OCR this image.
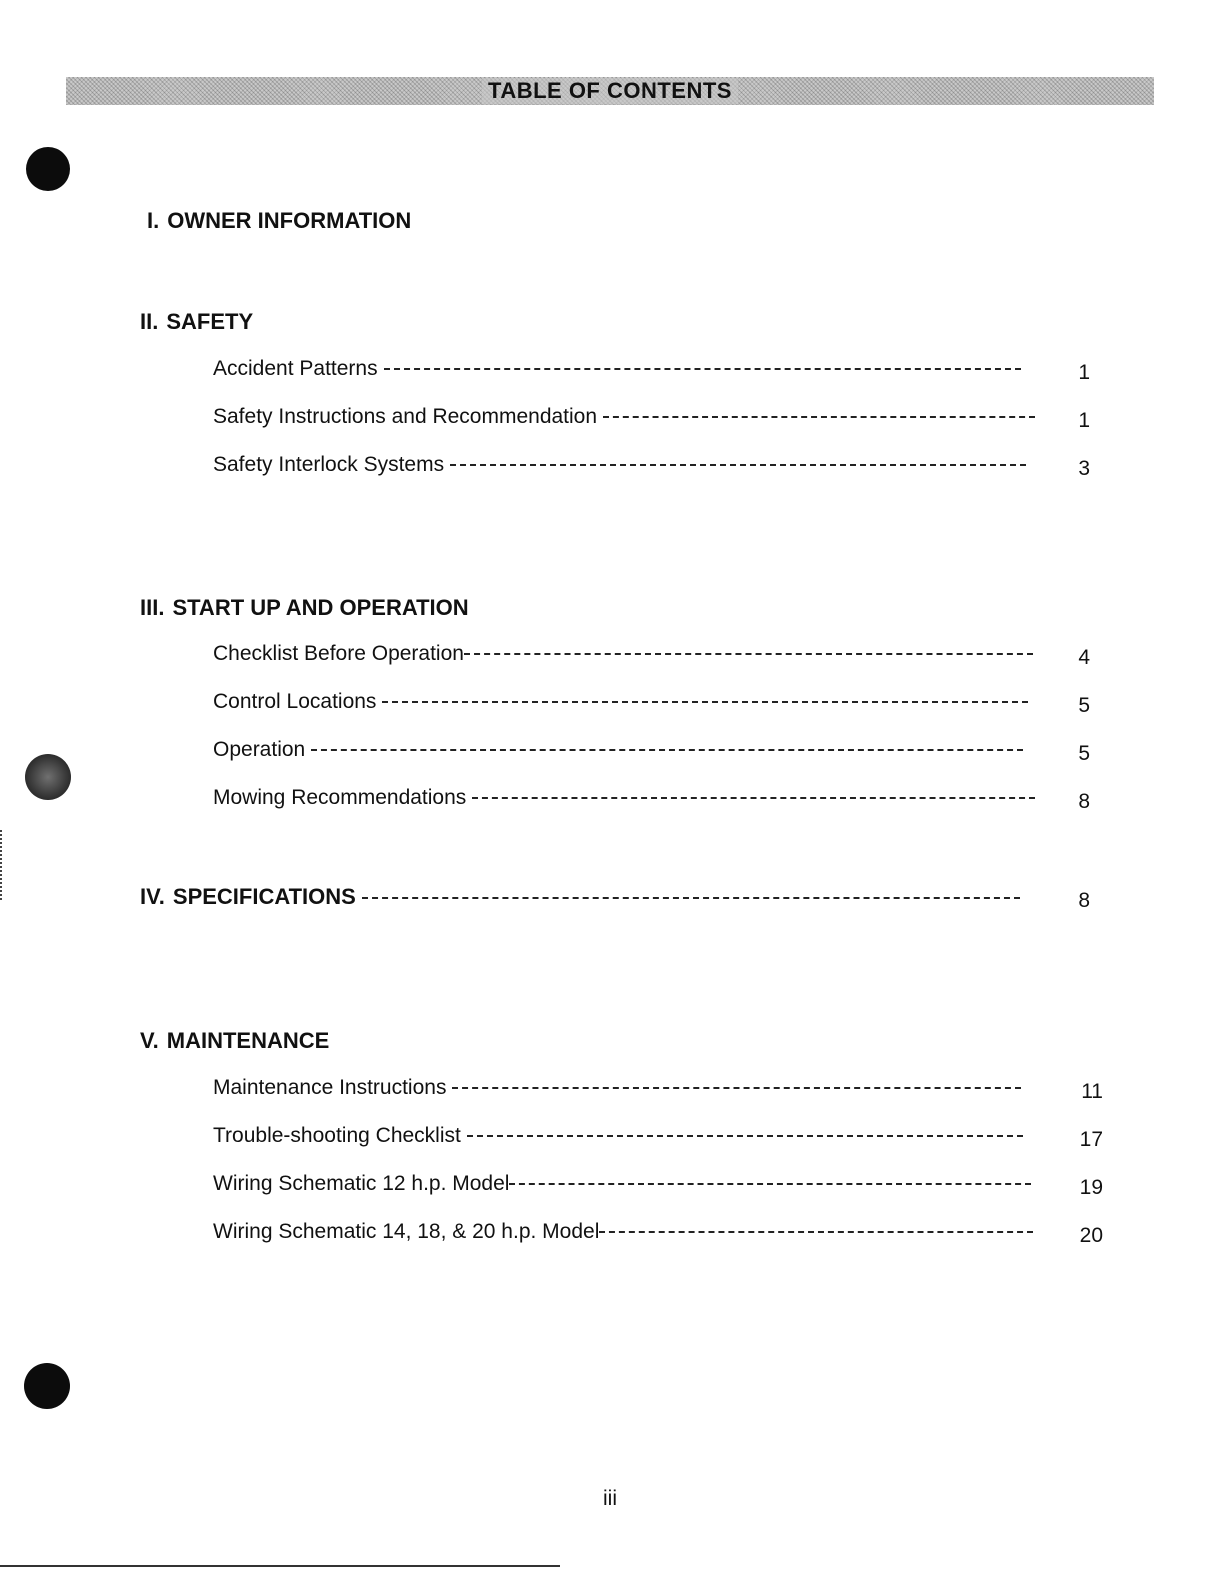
TABLE OF CONTENTS
I. OWNER INFORMATION
II. SAFETY
Accident Patterns	1
Safety Instructions and Recommendation	1
Safety Interlock Systems	3
III. START UP AND OPERATION
Checklist Before Operation	4
Control Locations	5
Operation	5
Mowing Recommendations	8
IV. SPECIFICATIONS	8
V. MAINTENANCE
Maintenance Instructions	11
Trouble-shooting Checklist	17
Wiring Schematic 12 h.p. Model	19
Wiring Schematic 14, 18, & 20 h.p. Model	20
iii
